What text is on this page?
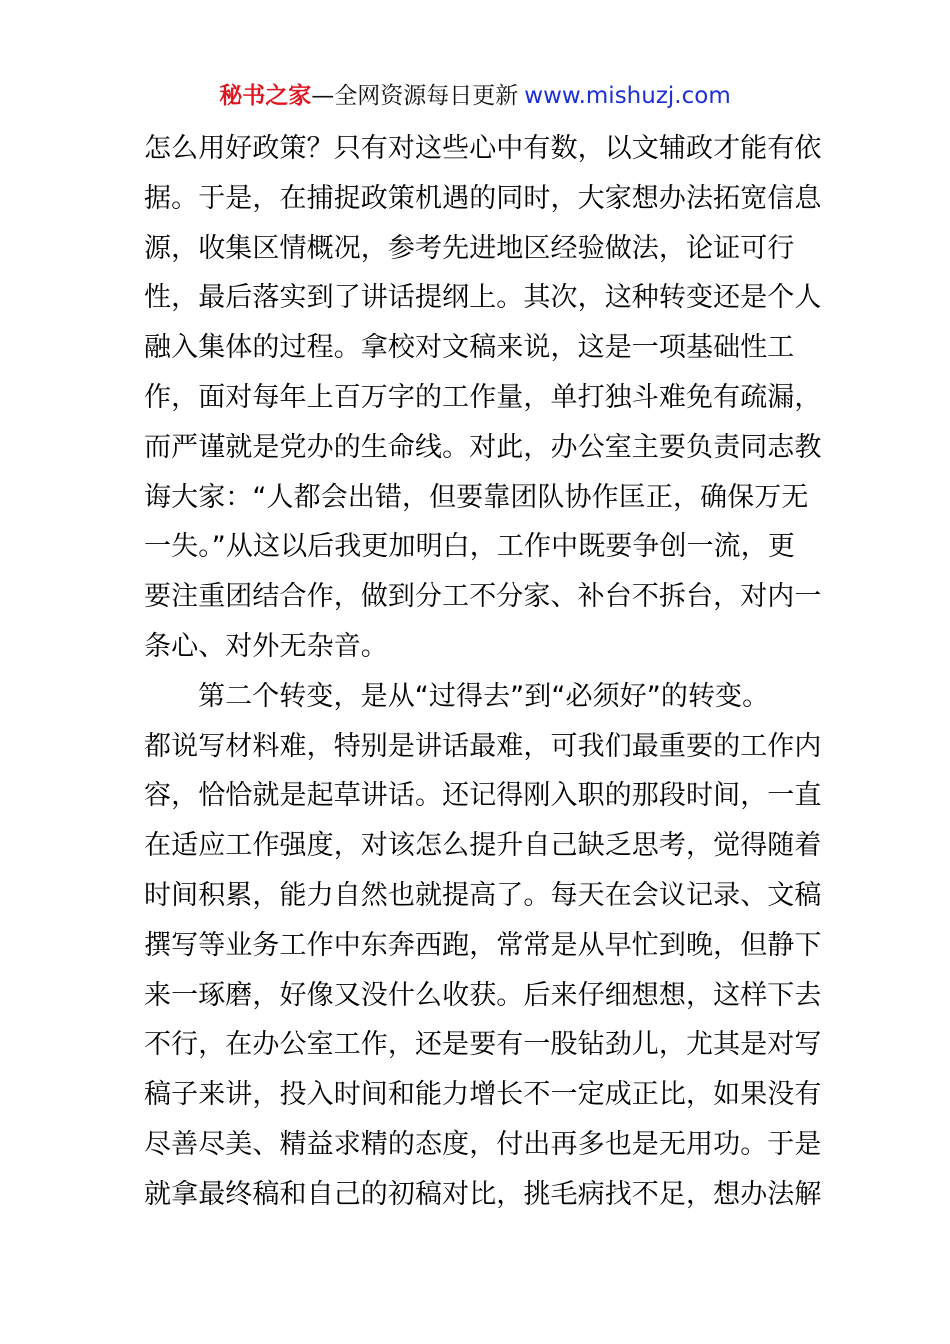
秘书之家—全网资源每日更新 www.mishuzj.com
怎么用好政策？只有对这些心中有数，以文辅政才能有依
据。于是，在捕捉政策机遇的同时，大家想办法拓宽信息
源，收集区情概况，参考先进地区经验做法，论证可行
性，最后落实到了讲话提纲上。其次，这种转变还是个人
融入集体的过程。拿校对文稿来说，这是一项基础性工
作，面对每年上百万字的工作量，单打独斗难免有疏漏，
而严谨就是党办的生命线。对此，办公室主要负责同志教
诲大家：“人都会出错，但要靠团队协作匡正，确保万无
一失。”从这以后我更加明白，工作中既要争创一流，更
要注重团结合作，做到分工不分家、补台不拆台，对内一
条心、对外无杂音。
第二个转变，是从“过得去”到“必须好”的转变。
都说写材料难，特别是讲话最难，可我们最重要的工作内
容，恰恰就是起草讲话。还记得刚入职的那段时间，一直
在适应工作强度，对该怎么提升自己缺乏思考，觉得随着
时间积累，能力自然也就提高了。每天在会议记录、文稿
撰写等业务工作中东奔西跑，常常是从早忙到晚，但静下
来一琢磨，好像又没什么收获。后来仔细想想，这样下去
不行，在办公室工作，还是要有一股钻劲儿，尤其是对写
稿子来讲，投入时间和能力增长不一定成正比，如果没有
尽善尽美、精益求精的态度，付出再多也是无用功。于是
就拿最终稿和自己的初稿对比，挑毛病找不足，想办法解
